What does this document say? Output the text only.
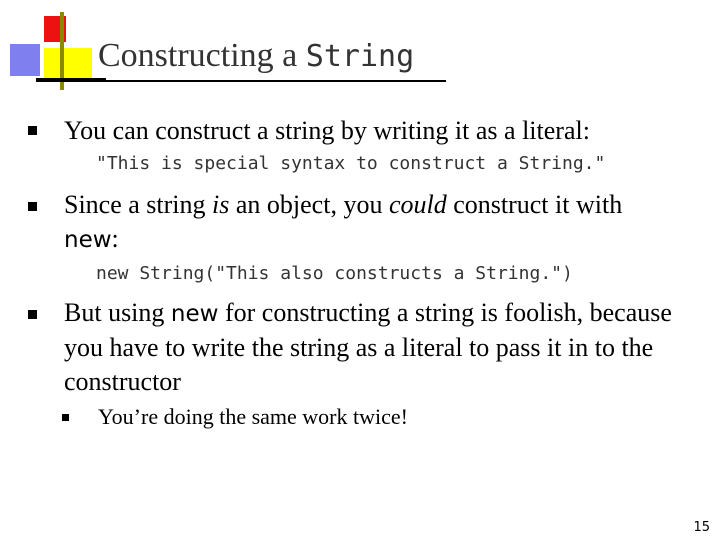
Constructing a String
You can construct a string by writing it as a literal:
"This is special syntax to construct a String."
Since a string is an object, you could construct it with
new:
new String("This also constructs a String.")
But using new for constructing a string is foolish, because you have to write the string as a literal to pass it in to the constructor
You’re doing the same work twice!
15
